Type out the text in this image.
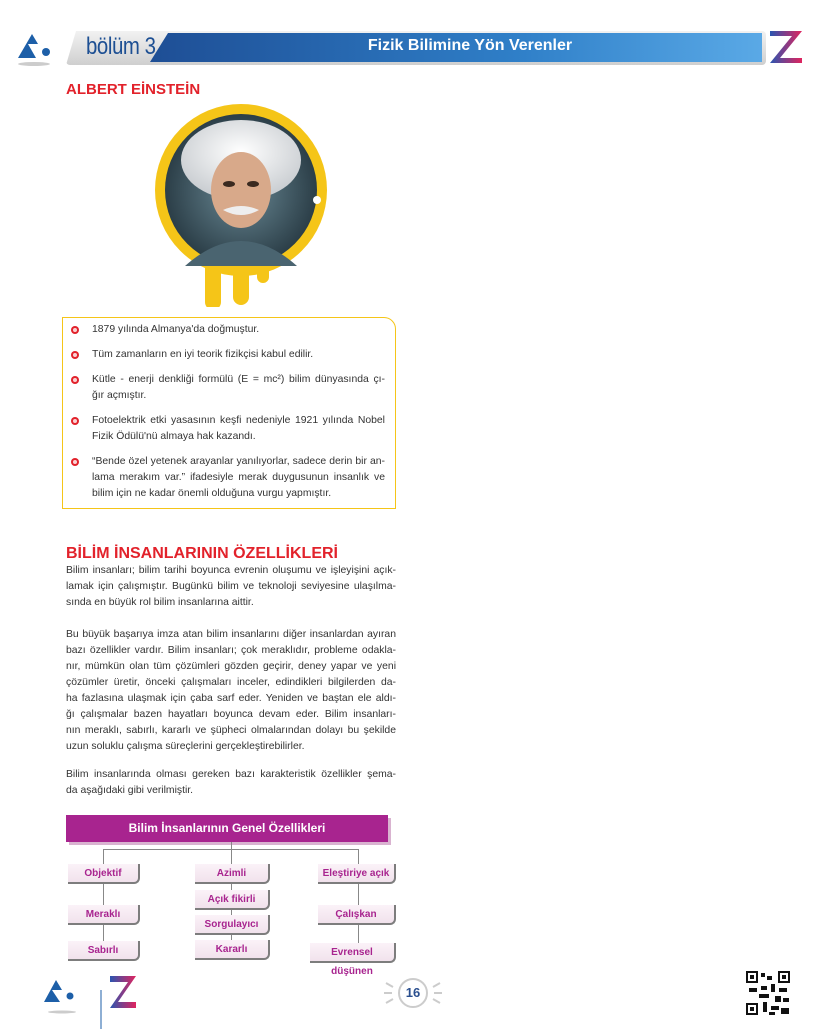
bölüm 3	Fizik Bilimine Yön Verenler
ALBERT EİNSTEİN
1879 yılında Almanya'da doğmuştur.
Tüm zamanların en iyi teorik fizikçisi kabul edilir.
Kütle - enerji denkliği formülü (E = mc²) bilim dünyasında çı-
ğır açmıştır.
Fotoelektrik etki yasasının keşfi nedeniyle 1921 yılında Nobel
Fizik Ödülü'nü almaya hak kazandı.
“Bende özel yetenek arayanlar yanılıyorlar, sadece derin bir an-
lama merakım var.” ifadesiyle merak duygusunun insanlık ve
bilim için ne kadar önemli olduğuna vurgu yapmıştır.
BİLİM İNSANLARININ ÖZELLİKLERİ
Bilim insanları; bilim tarihi boyunca evrenin oluşumu ve işleyişini açık-
lamak için çalışmıştır. Bugünkü bilim ve teknoloji seviyesine ulaşılma-
sında en büyük rol bilim insanlarına aittir.
Bu büyük başarıya imza atan bilim insanlarını diğer insanlardan ayıran
bazı özellikler vardır. Bilim insanları; çok meraklıdır, probleme odakla-
nır, mümkün olan tüm çözümleri gözden geçirir, deney yapar ve yeni
çözümler üretir, önceki çalışmaları inceler, edindikleri bilgilerden da-
ha fazlasına ulaşmak için çaba sarf eder. Yeniden ve baştan ele aldı-
ğı çalışmalar bazen hayatları boyunca devam eder. Bilim insanları-
nın meraklı, sabırlı, kararlı ve şüpheci olmalarından dolayı bu şekilde
uzun soluklu çalışma süreçlerini gerçekleştirebilirler.
Bilim insanlarında olması gereken bazı karakteristik özellikler şema-
da aşağıdaki gibi verilmiştir.
Bilim İnsanlarının Genel Özellikleri
Objektif
Meraklı
Sabırlı
Azimli
Açık fikirli
Sorgulayıcı
Kararlı
Eleştiriye açık
Çalışkan
Evrensel düşünen
16
